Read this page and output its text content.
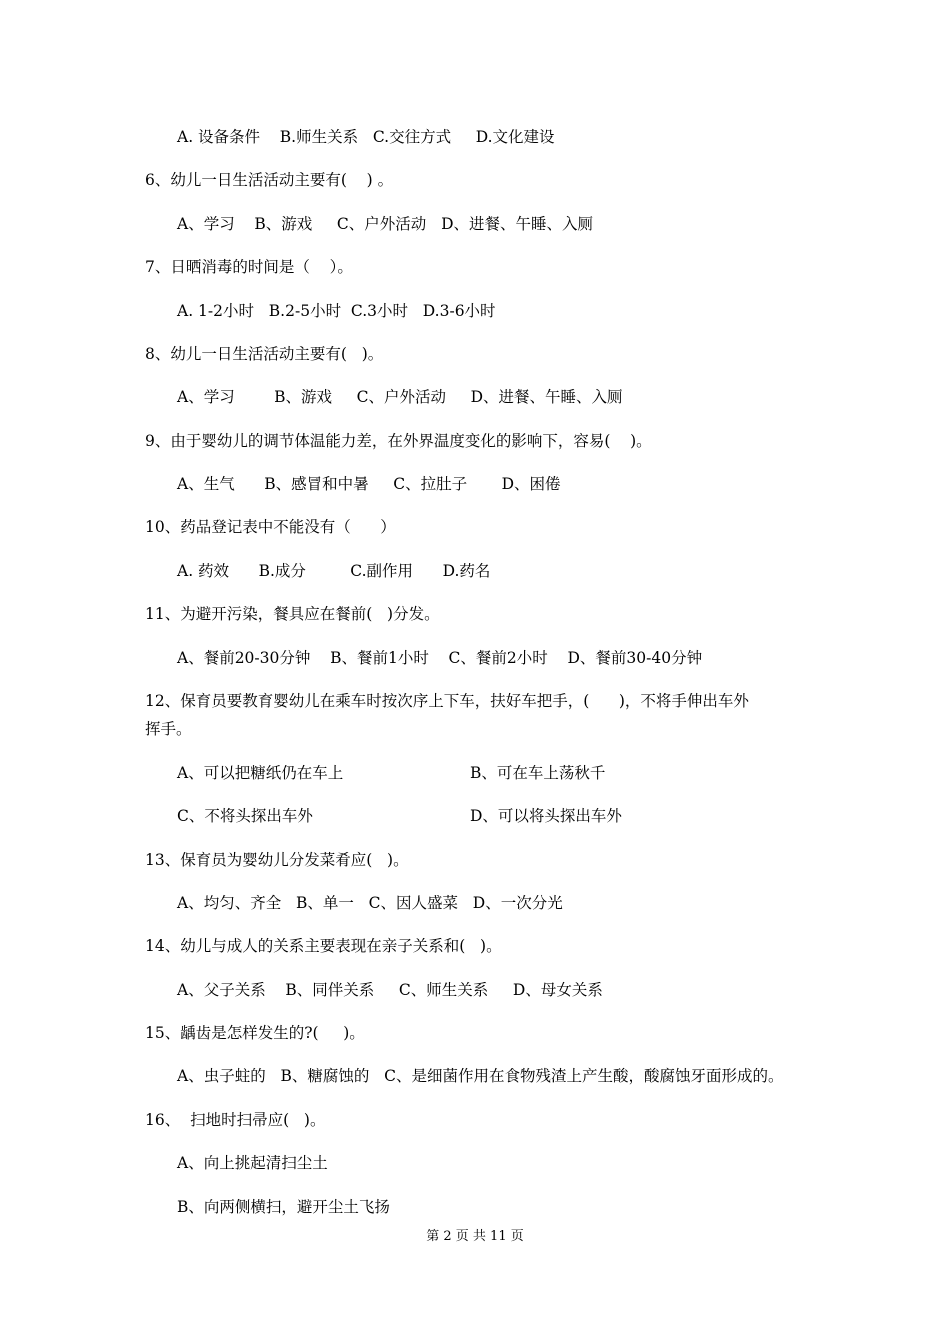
A. 设备条件    B.师生关系   C.交往方式     D.文化建设
6、幼儿一日生活活动主要有(    ) 。
A、学习    B、游戏     C、户外活动   D、进餐、午睡、入厕
7、日晒消毒的时间是（    ）。
A. 1-2小时   B.2-5小时  C.3小时   D.3-6小时
8、幼儿一日生活活动主要有(   )。
A、学习        B、游戏     C、户外活动     D、进餐、午睡、入厕
9、由于婴幼儿的调节体温能力差，在外界温度变化的影响下，容易(    )。
A、生气      B、感冒和中暑     C、拉肚子       D、困倦
10、药品登记表中不能没有（      ）
A. 药效      B.成分         C.副作用      D.药名
11、为避开污染，餐具应在餐前(   )分发。
A、餐前20-30分钟    B、餐前1小时    C、餐前2小时    D、餐前30-40分钟
12、保育员要教育婴幼儿在乘车时按次序上下车，扶好车把手，(      )，不将手伸出车外
挥手。
A、可以把糖纸仍在车上	B、可在车上荡秋千
C、不将头探出车外	D、可以将头探出车外
13、保育员为婴幼儿分发菜肴应(   )。
A、均匀、齐全   B、单一   C、因人盛菜   D、一次分光
14、幼儿与成人的关系主要表现在亲子关系和(   )。
A、父子关系    B、同伴关系     C、师生关系     D、母女关系
15、龋齿是怎样发生的?(     )。
A、虫子蛀的   B、糖腐蚀的   C、是细菌作用在食物残渣上产生酸，酸腐蚀牙面形成的。
16、  扫地时扫帚应(   )。
A、向上挑起清扫尘土
B、向两侧横扫，避开尘土飞扬
第 2 页 共 11 页
